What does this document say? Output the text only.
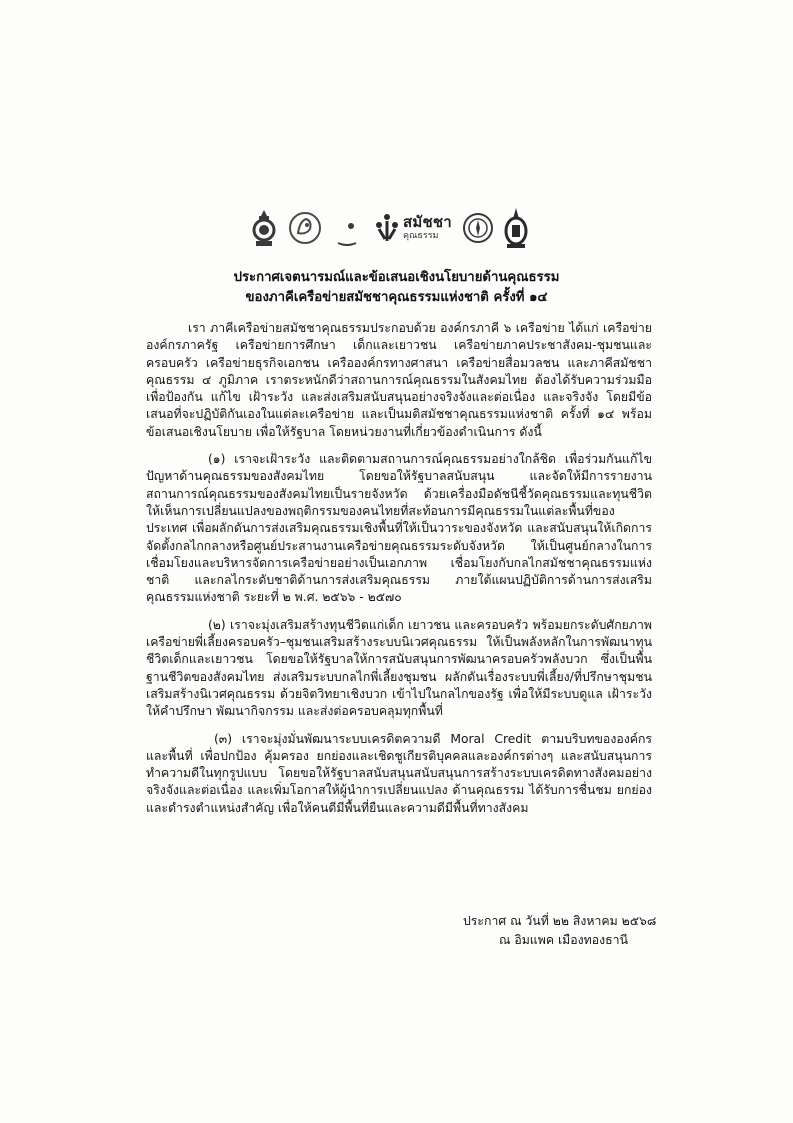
สมัชชา
คุณธรรม
ประกาศเจตนารมณ์และข้อเสนอเชิงนโยบายด้านคุณธรรม
ของภาคีเครือข่ายสมัชชาคุณธรรมแห่งชาติ ครั้งที่ ๑๔

เรา ภาคีเครือข่ายสมัชชาคุณธรรมประกอบด้วย องค์กรภาคี ๖ เครือข่าย ได้แก่ เครือข่ายองค์กรภาครัฐ เครือข่ายการศึกษา เด็กและเยาวชน เครือข่ายภาคประชาสังคม-ชุมชนและครอบครัว เครือข่ายธุรกิจเอกชน เครือองค์กรทางศาสนา เครือข่ายสื่อมวลชน และภาคีสมัชชาคุณธรรม ๔ ภูมิภาค เราตระหนักดีว่าสถานการณ์คุณธรรมในสังคมไทย ต้องได้รับความร่วมมือเพื่อป้องกัน แก้ไข เฝ้าระวัง และส่งเสริมสนับสนุนอย่างจริงจังและต่อเนื่อง และจริงจัง โดยมีข้อเสนอที่จะปฏิบัติกันเองในแต่ละเครือข่าย และเป็นมติสมัชชาคุณธรรมแห่งชาติ ครั้งที่ ๑๔ พร้อมข้อเสนอเชิงนโยบาย เพื่อให้รัฐบาล โดยหน่วยงานที่เกี่ยวข้องดำเนินการ ดังนี้

(๑) เราจะเฝ้าระวัง และติดตามสถานการณ์คุณธรรมอย่างใกล้ชิด เพื่อร่วมกันแก้ไขปัญหาด้านคุณธรรมของสังคมไทย โดยขอให้รัฐบาลสนับสนุน และจัดให้มีการรายงานสถานการณ์คุณธรรมของสังคมไทยเป็นรายจังหวัด ด้วยเครื่องมือดัชนีชี้วัดคุณธรรมและทุนชีวิต ให้เห็นการเปลี่ยนแปลงของพฤติกรรมของคนไทยที่สะท้อนการมีคุณธรรมในแต่ละพื้นที่ของประเทศ เพื่อผลักดันการส่งเสริมคุณธรรมเชิงพื้นที่ให้เป็นวาระของจังหวัด และสนับสนุนให้เกิดการจัดตั้งกลไกกลางหรือศูนย์ประสานงานเครือข่ายคุณธรรมระดับจังหวัด ให้เป็นศูนย์กลางในการเชื่อมโยงและบริหารจัดการเครือข่ายอย่างเป็นเอกภาพ เชื่อมโยงกับกลไกสมัชชาคุณธรรมแห่งชาติ และกลไกระดับชาติด้านการส่งเสริมคุณธรรม ภายใต้แผนปฏิบัติการด้านการส่งเสริมคุณธรรมแห่งชาติ ระยะที่ ๒ พ.ศ. ๒๕๖๖ - ๒๕๗๐

(๒) เราจะมุ่งเสริมสร้างทุนชีวิตแก่เด็ก เยาวชน และครอบครัว พร้อมยกระดับศักยภาพเครือข่ายพี่เลี้ยงครอบครัว–ชุมชนเสริมสร้างระบบนิเวศคุณธรรม ให้เป็นพลังหลักในการพัฒนาทุนชีวิตเด็กและเยาวชน โดยขอให้รัฐบาลให้การสนับสนุนการพัฒนาครอบครัวพลังบวก ซึ่งเป็นพื้นฐานชีวิตของสังคมไทย ส่งเสริมระบบกลไกพี่เลี้ยงชุมชน ผลักดันเรื่องระบบพี่เลี้ยง/ที่ปรึกษาชุมชน เสริมสร้างนิเวศคุณธรรม ด้วยจิตวิทยาเชิงบวก เข้าไปในกลไกของรัฐ เพื่อให้มีระบบดูแล เฝ้าระวัง ให้คำปรึกษา พัฒนากิจกรรม และส่งต่อครอบคลุมทุกพื้นที่

(๓) เราจะมุ่งมั่นพัฒนาระบบเครดิตความดี Moral Credit ตามบริบทขององค์กร และพื้นที่ เพื่อปกป้อง คุ้มครอง ยกย่องและเชิดชูเกียรติบุคคลและองค์กรต่างๆ และสนับสนุนการทำความดีในทุกรูปแบบ โดยขอให้รัฐบาลสนับสนุนสนับสนุนการสร้างระบบเครดิตทางสังคมอย่างจริงจังและต่อเนื่อง และเพิ่มโอกาสให้ผู้นำการเปลี่ยนแปลง ด้านคุณธรรม ได้รับการชื่นชม ยกย่องและดำรงตำแหน่งสำคัญ เพื่อให้คนดีมีพื้นที่ยืนและความดีมีพื้นที่ทางสังคม

ประกาศ ณ วันที่ ๒๒ สิงหาคม ๒๕๖๘
ณ อิมแพค เมืองทองธานี
